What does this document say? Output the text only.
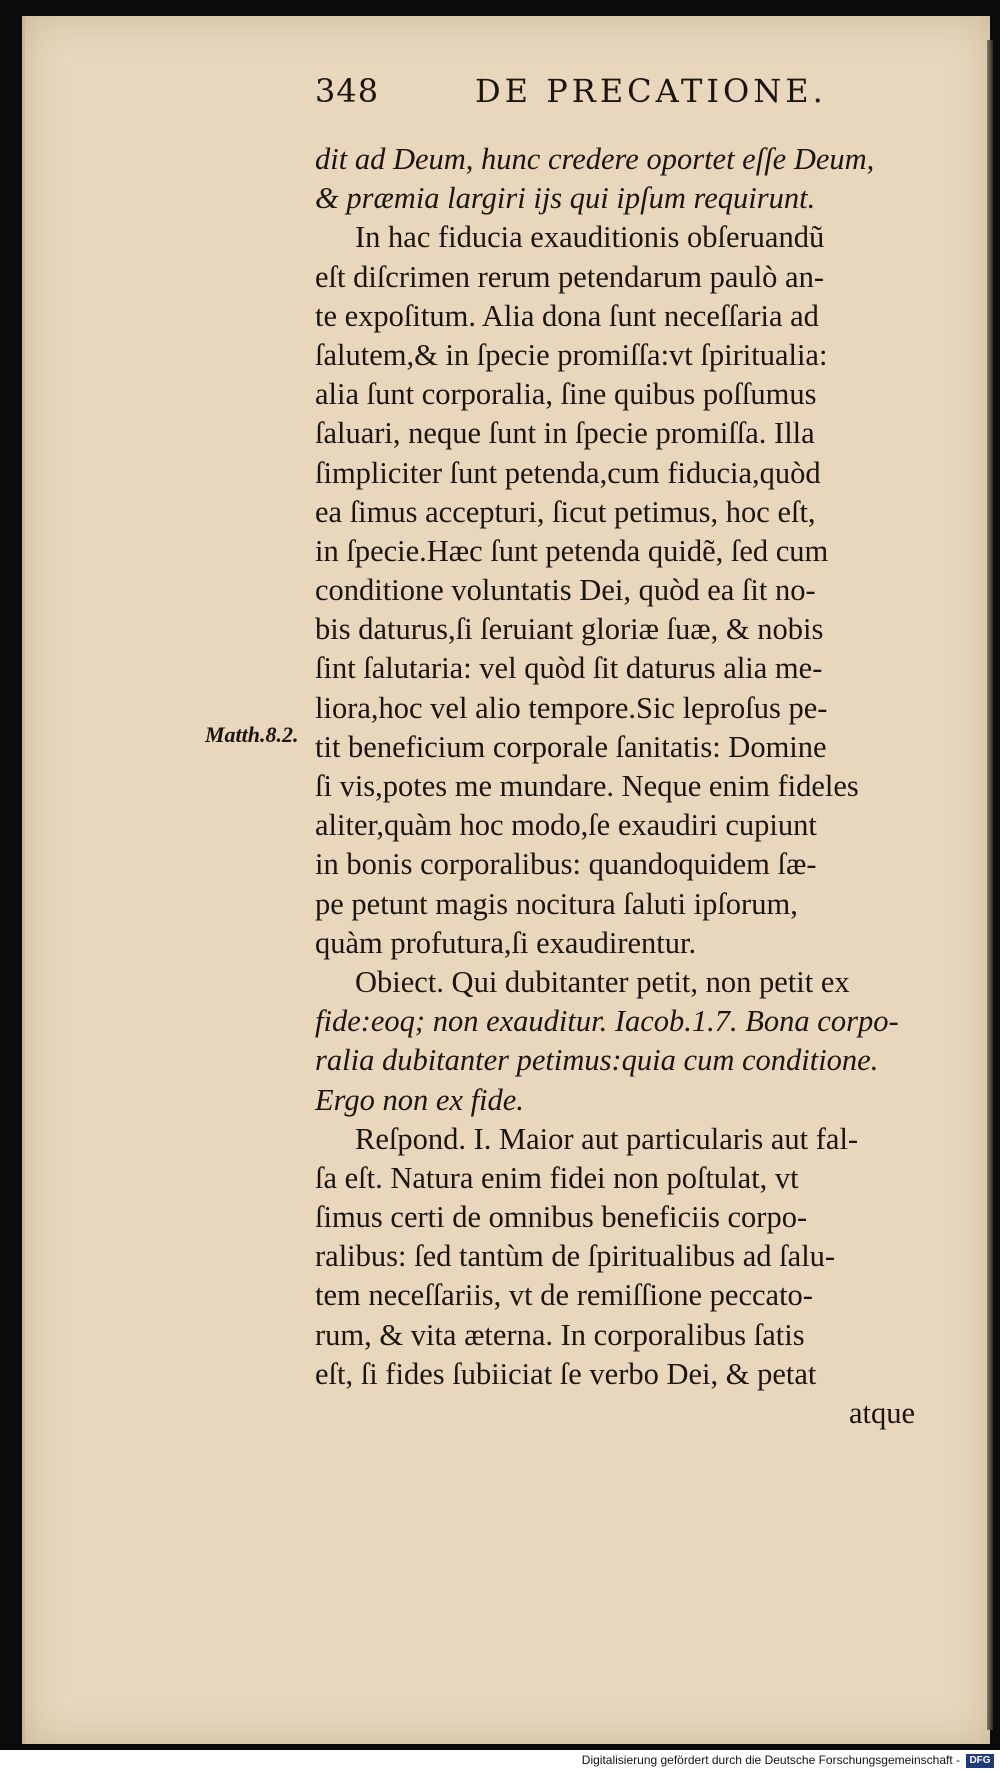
348	DE PRECATIONE.
Matth.8.2.
dit ad Deum, hunc credere oportet eſſe Deum,
& præmia largiri ijs qui ipſum requirunt.
In hac fiducia exauditionis obſeruandũ
eſt diſcrimen rerum petendarum paulò an-
te expoſitum. Alia dona ſunt neceſſaria ad
ſalutem,& in ſpecie promiſſa:vt ſpiritualia:
alia ſunt corporalia, ſine quibus poſſumus
ſaluari, neque ſunt in ſpecie promiſſa. Illa
ſimpliciter ſunt petenda,cum fiducia,quòd
ea ſimus accepturi, ſicut petimus, hoc eſt,
in ſpecie.Hæc ſunt petenda quidẽ, ſed cum
conditione voluntatis Dei, quòd ea ſit no-
bis daturus,ſi ſeruiant gloriæ ſuæ, & nobis
ſint ſalutaria: vel quòd ſit daturus alia me-
liora,hoc vel alio tempore.Sic leproſus pe-
tit beneficium corporale ſanitatis: Domine
ſi vis,potes me mundare. Neque enim fideles
aliter,quàm hoc modo,ſe exaudiri cupiunt
in bonis corporalibus: quandoquidem ſæ-
pe petunt magis nocitura ſaluti ipſorum,
quàm profutura,ſi exaudirentur.
Obiect. Qui dubitanter petit, non petit ex
fide:eoq; non exauditur. Iacob.1.7. Bona corpo-
ralia dubitanter petimus:quia cum conditione.
Ergo non ex fide.
Reſpond. I. Maior aut particularis aut fal-
ſa eſt. Natura enim fidei non poſtulat, vt
ſimus certi de omnibus beneficiis corpo-
ralibus: ſed tantùm de ſpiritualibus ad ſalu-
tem neceſſariis, vt de remiſſione peccato-
rum, & vita æterna. In corporalibus ſatis
eſt, ſi fides ſubiiciat ſe verbo Dei, & petat
atque
Digitalisierung gefördert durch die Deutsche Forschungsgemeinschaft - DFG
